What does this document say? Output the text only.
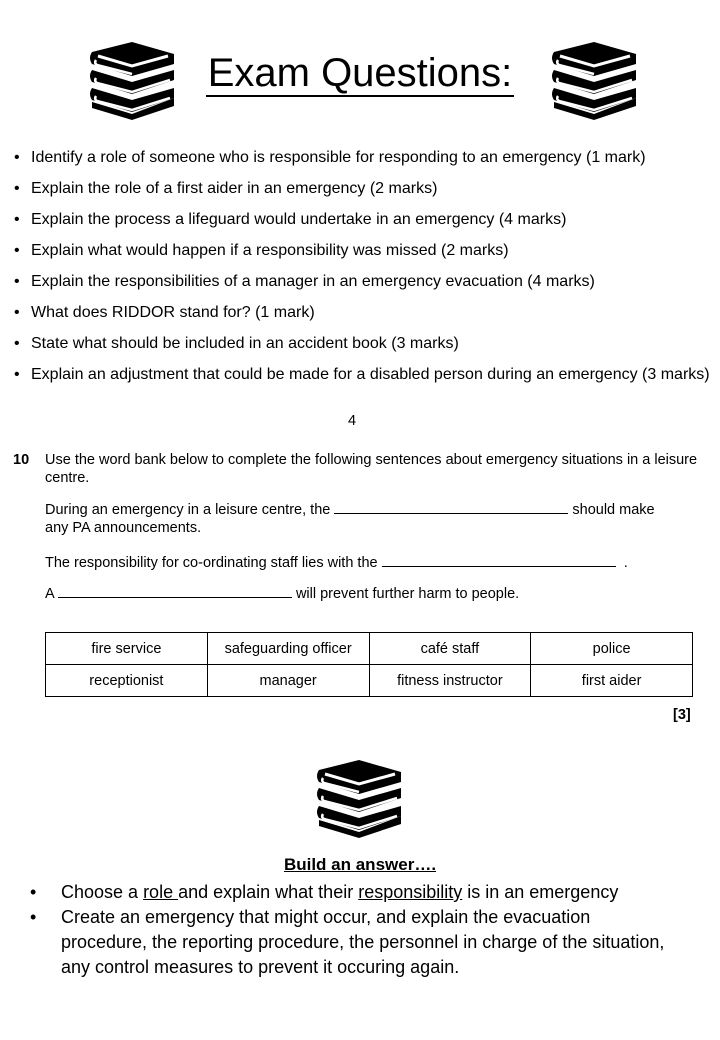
Exam Questions:
• Identify a role of someone who is responsible for responding to an emergency (1 mark)
• Explain the role of a first aider in an emergency (2 marks)
• Explain the process a lifeguard would undertake in an emergency (4 marks)
• Explain what would happen if a responsibility was missed (2 marks)
• Explain the responsibilities of a manager in an emergency evacuation (4 marks)
• What does RIDDOR stand for? (1 mark)
• State what should be included in an accident book (3 marks)
• Explain an adjustment that could be made for a disabled person during an emergency (3 marks)
4
10 Use the word bank below to complete the following sentences about emergency situations in a leisure centre.
During an emergency in a leisure centre, the	should make
any PA announcements.
The responsibility for co-ordinating staff lies with the	.
A	will prevent further harm to people.
fire service	safeguarding officer	café staff	police
receptionist	manager	fitness instructor	first aider
[3]
Build an answer….
• Choose a role and explain what their responsibility is in an emergency
• Create an emergency that might occur, and explain the evacuation procedure, the reporting procedure, the personnel in charge of the situation, any control measures to prevent it occuring again.
